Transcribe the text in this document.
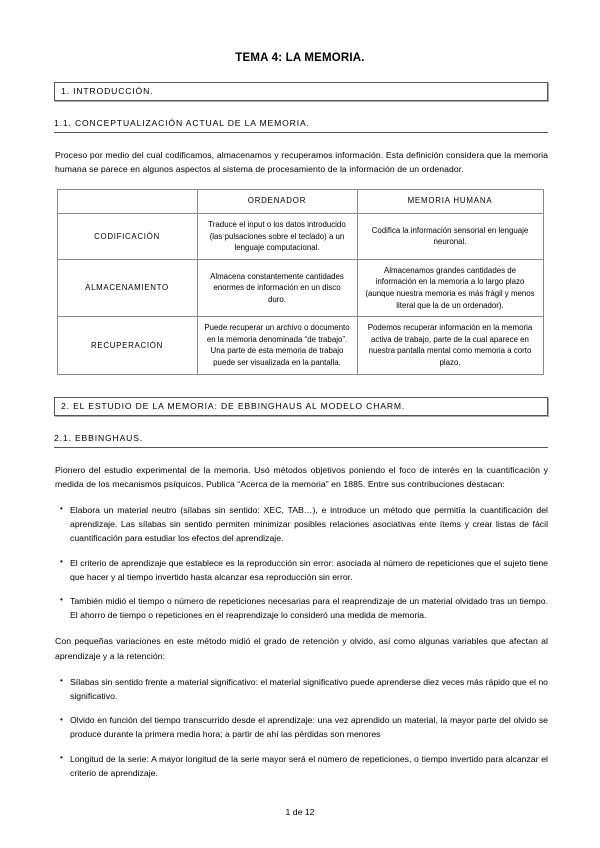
TEMA 4: LA MEMORIA.
1. INTRODUCCIÓN.
1.1. CONCEPTUALIZACIÓN ACTUAL DE LA MEMORIA.

Proceso por medio del cual codificamos, almacenamos y recuperamos información. Esta definición considera que la memoria humana se parece en algunos aspectos al sistema de procesamiento de la información de un ordenador.

	ORDENADOR	MEMORIA HUMANA
CODIFICACIÓN	Traduce el input o los datos introducido (las pulsaciones sobre el teclado) a un lenguaje computacional.	Codifica la información sensorial en lenguaje neuronal.
ALMACENAMIENTO	Almacena constantemente cantidades enormes de información en un disco duro.	Almacenamos grandes cantidades de información en la memoria a lo largo plazo (aunque nuestra memoria es más frágil y menos literal que la de un ordenador).
RECUPERACIÓN	Puede recuperar un archivo o documento en la memoria denominada “de trabajo”. Una parte de esta memoria de trabajo puede ser visualizada en la pantalla.	Podemos recuperar información en la memoria activa de trabajo, parte de la cual aparece en nuestra pantalla mental como memoria a corto plazo.
2. EL ESTUDIO DE LA MEMORIA: DE EBBINGHAUS AL MODELO CHARM.
2.1. EBBINGHAUS.

Pionero del estudio experimental de la memoria. Usó métodos objetivos poniendo el foco de interés en la cuantificación y medida de los mecanismos psíquicos. Publica “Acerca de la memoria” en 1885. Entre sus contribuciones destacan:

• Elabora un material neutro (sílabas sin sentido: XEC, TAB…), e introduce un método que permitía la cuantificación del aprendizaje. Las sílabas sin sentido permiten minimizar posibles relaciones asociativas ente ítems y crear listas de fácil cuantificación para estudiar los efectos del aprendizaje.
• El criterio de aprendizaje que establece es la reproducción sin error: asociada al número de repeticiones que el sujeto tiene que hacer y al tiempo invertido hasta alcanzar esa reproducción sin error.
• También midió el tiempo o número de repeticiones necesarias para el reaprendizaje de un material olvidado tras un tiempo. El ahorro de tiempo o repeticiones en el reaprendizaje lo consideró una medida de memoria.

Con pequeñas variaciones en este método midió el grado de retención y olvido, así como algunas variables que afectan al aprendizaje y a la retención:

• Sílabas sin sentido frente a material significativo: el material significativo puede aprenderse diez veces más rápido que el no significativo.
• Olvido en función del tiempo transcurrido desde el aprendizaje: una vez aprendido un material, la mayor parte del olvido se produce durante la primera media hora; a partir de ahí las pérdidas son menores
• Longitud de la serie: A mayor longitud de la serie mayor será el número de repeticiones, o tiempo invertido para alcanzar el criterio de aprendizaje.
1 de 12
